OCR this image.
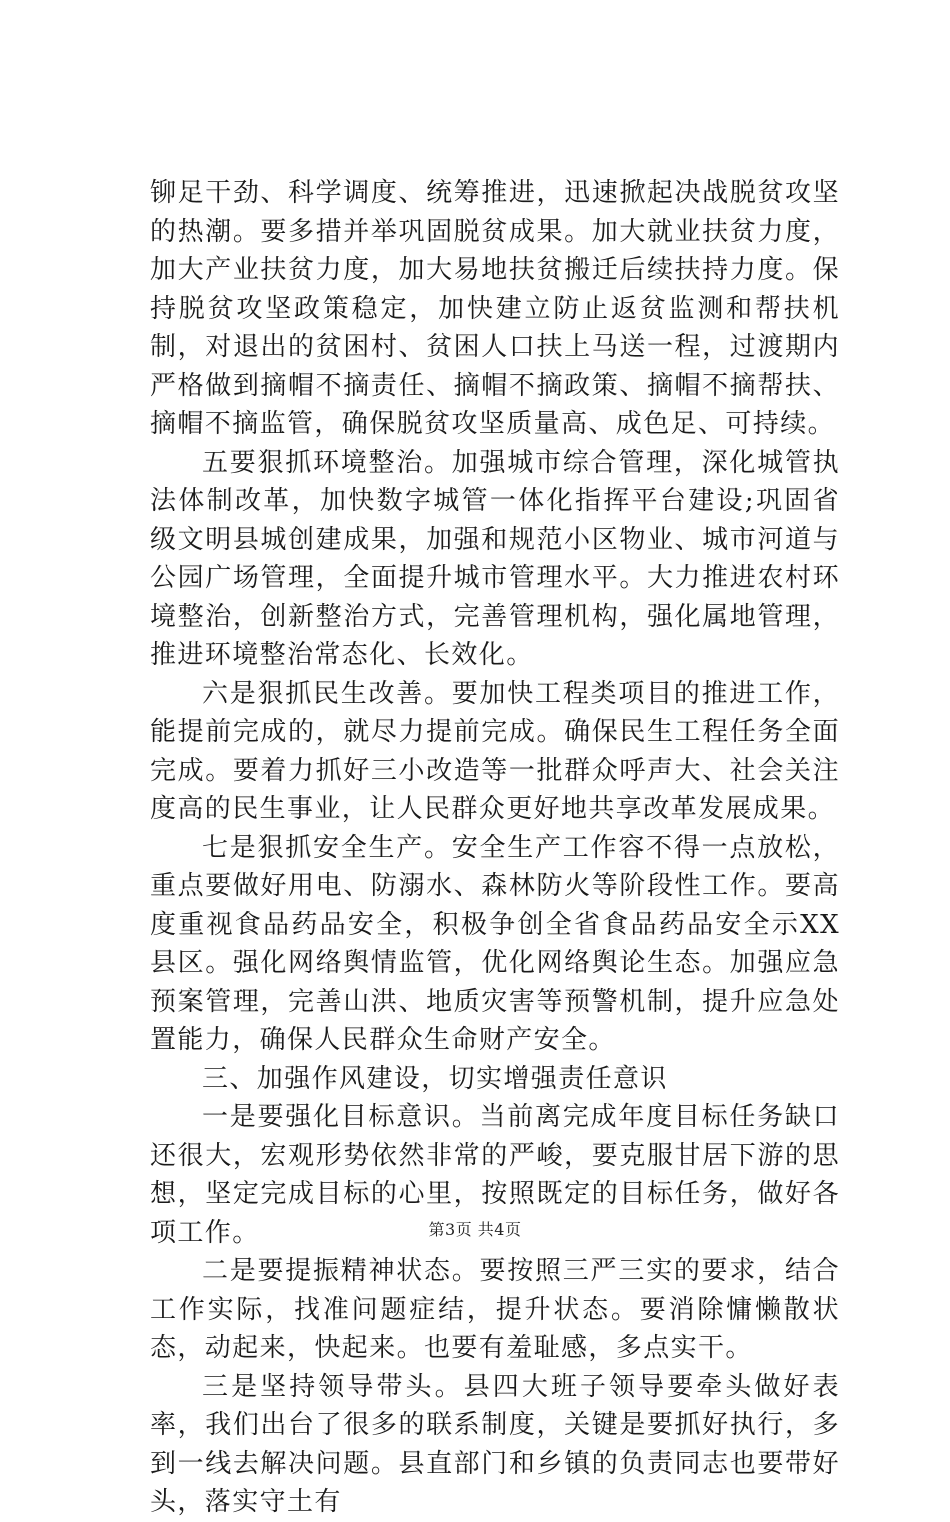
铆足干劲、科学调度、统筹推进，迅速掀起决战脱贫攻坚的热潮。要多措并举巩固脱贫成果。加大就业扶贫力度，加大产业扶贫力度，加大易地扶贫搬迁后续扶持力度。保持脱贫攻坚政策稳定，加快建立防止返贫监测和帮扶机制，对退出的贫困村、贫困人口扶上马送一程，过渡期内严格做到摘帽不摘责任、摘帽不摘政策、摘帽不摘帮扶、摘帽不摘监管，确保脱贫攻坚质量高、成色足、可持续。

五要狠抓环境整治。加强城市综合管理，深化城管执法体制改革，加快数字城管一体化指挥平台建设;巩固省级文明县城创建成果，加强和规范小区物业、城市河道与公园广场管理，全面提升城市管理水平。大力推进农村环境整治，创新整治方式，完善管理机构，强化属地管理，推进环境整治常态化、长效化。

六是狠抓民生改善。要加快工程类项目的推进工作，能提前完成的，就尽力提前完成。确保民生工程任务全面完成。要着力抓好三小改造等一批群众呼声大、社会关注度高的民生事业，让人民群众更好地共享改革发展成果。

七是狠抓安全生产。安全生产工作容不得一点放松，重点要做好用电、防溺水、森林防火等阶段性工作。要高度重视食品药品安全，积极争创全省食品药品安全示XX县区。强化网络舆情监管，优化网络舆论生态。加强应急预案管理，完善山洪、地质灾害等预警机制，提升应急处置能力，确保人民群众生命财产安全。

三、加强作风建设，切实增强责任意识

一是要强化目标意识。当前离完成年度目标任务缺口还很大，宏观形势依然非常的严峻，要克服甘居下游的思想，坚定完成目标的心里，按照既定的目标任务，做好各项工作。

二是要提振精神状态。要按照三严三实的要求，结合工作实际，找准问题症结，提升状态。要消除慵懒散状态，动起来，快起来。也要有羞耻感，多点实干。

三是坚持领导带头。县四大班子领导要牵头做好表率，我们出台了很多的联系制度，关键是要抓好执行，多到一线去解决问题。县直部门和乡镇的负责同志也要带好头，落实守土有

第3页 共4页
